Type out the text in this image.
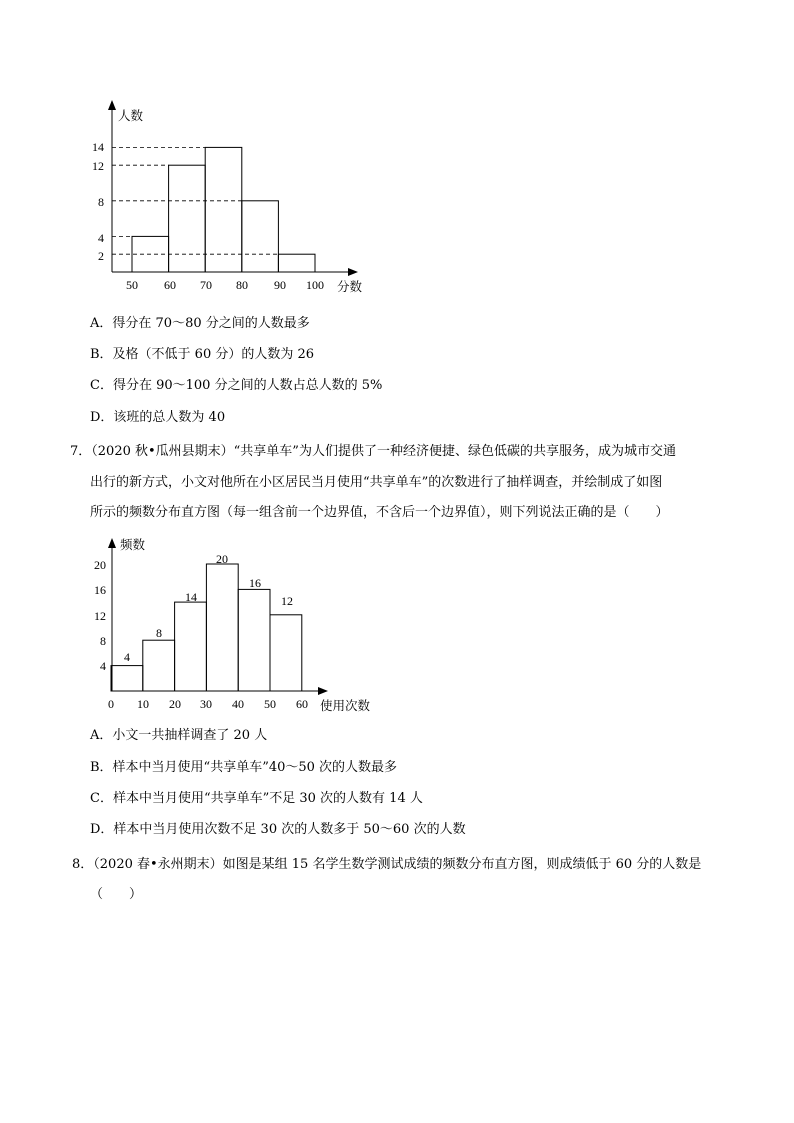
人数
分数
2
4
8
12
14
50 60 70 80 90 100
A．得分在 70～80 分之间的人数最多
B．及格（不低于 60 分）的人数为 26
C．得分在 90～100 分之间的人数占总人数的 5%
D．该班的总人数为 40
7．（2020 秋•瓜州县期末）“共享单车”为人们提供了一种经济便捷、绿色低碳的共享服务，成为城市交通
出行的新方式，小文对他所在小区居民当月使用“共享单车”的次数进行了抽样调查，并绘制成了如图
所示的频数分布直方图（每一组含前一个边界值，不含后一个边界值），则下列说法正确的是（　　）
频数
使用次数
4
8
14
20
16
12
4
8
12
16
20
0 10 20 30 40 50 60
A．小文一共抽样调查了 20 人
B．样本中当月使用“共享单车”40～50 次的人数最多
C．样本中当月使用“共享单车”不足 30 次的人数有 14 人
D．样本中当月使用次数不足 30 次的人数多于 50～60 次的人数
8．（2020 春•永州期末）如图是某组 15 名学生数学测试成绩的频数分布直方图，则成绩低于 60 分的人数是
（　　）
